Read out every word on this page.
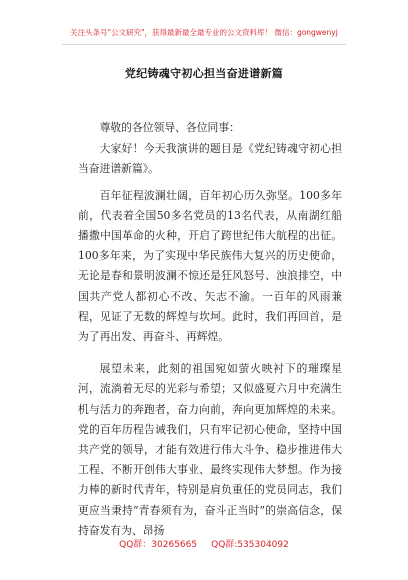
关注头条号"公文研究"，获得最新最全最专业的公文资料库！ 微信：gongwenyj
党纪铸魂守初心担当奋进谱新篇

尊敬的各位领导、各位同事：

大家好！今天我演讲的题目是《党纪铸魂守初心担当奋进谱新篇》。

百年征程波澜壮阔，百年初心历久弥坚。100多年前，代表着全国50多名党员的13名代表，从南湖红船播撒中国革命的火种，开启了跨世纪伟大航程的出征。100多年来，为了实现中华民族伟大复兴的历史使命，无论是春和景明波澜不惊还是狂风怒号、浊浪排空，中国共产党人都初心不改、矢志不渝。一百年的风雨兼程，见证了无数的辉煌与坎坷。此时，我们再回首，是为了再出发、再奋斗、再辉煌。

展望未来，此刻的祖国宛如萤火映衬下的璀璨星河，流淌着无尽的光彩与希望；又似盛夏六月中充满生机与活力的奔跑者，奋力向前，奔向更加辉煌的未来。党的百年历程告诫我们，只有牢记初心使命，坚持中国共产党的领导，才能有效进行伟大斗争、稳步推进伟大工程、不断开创伟大事业、最终实现伟大梦想。作为接力棒的新时代青年，特别是肩负重任的党员同志，我们更应当秉持“青春须有为，奋斗正当时”的崇高信念，保持奋发有为、昂扬

QQ群：30265665 QQ群:535304092
